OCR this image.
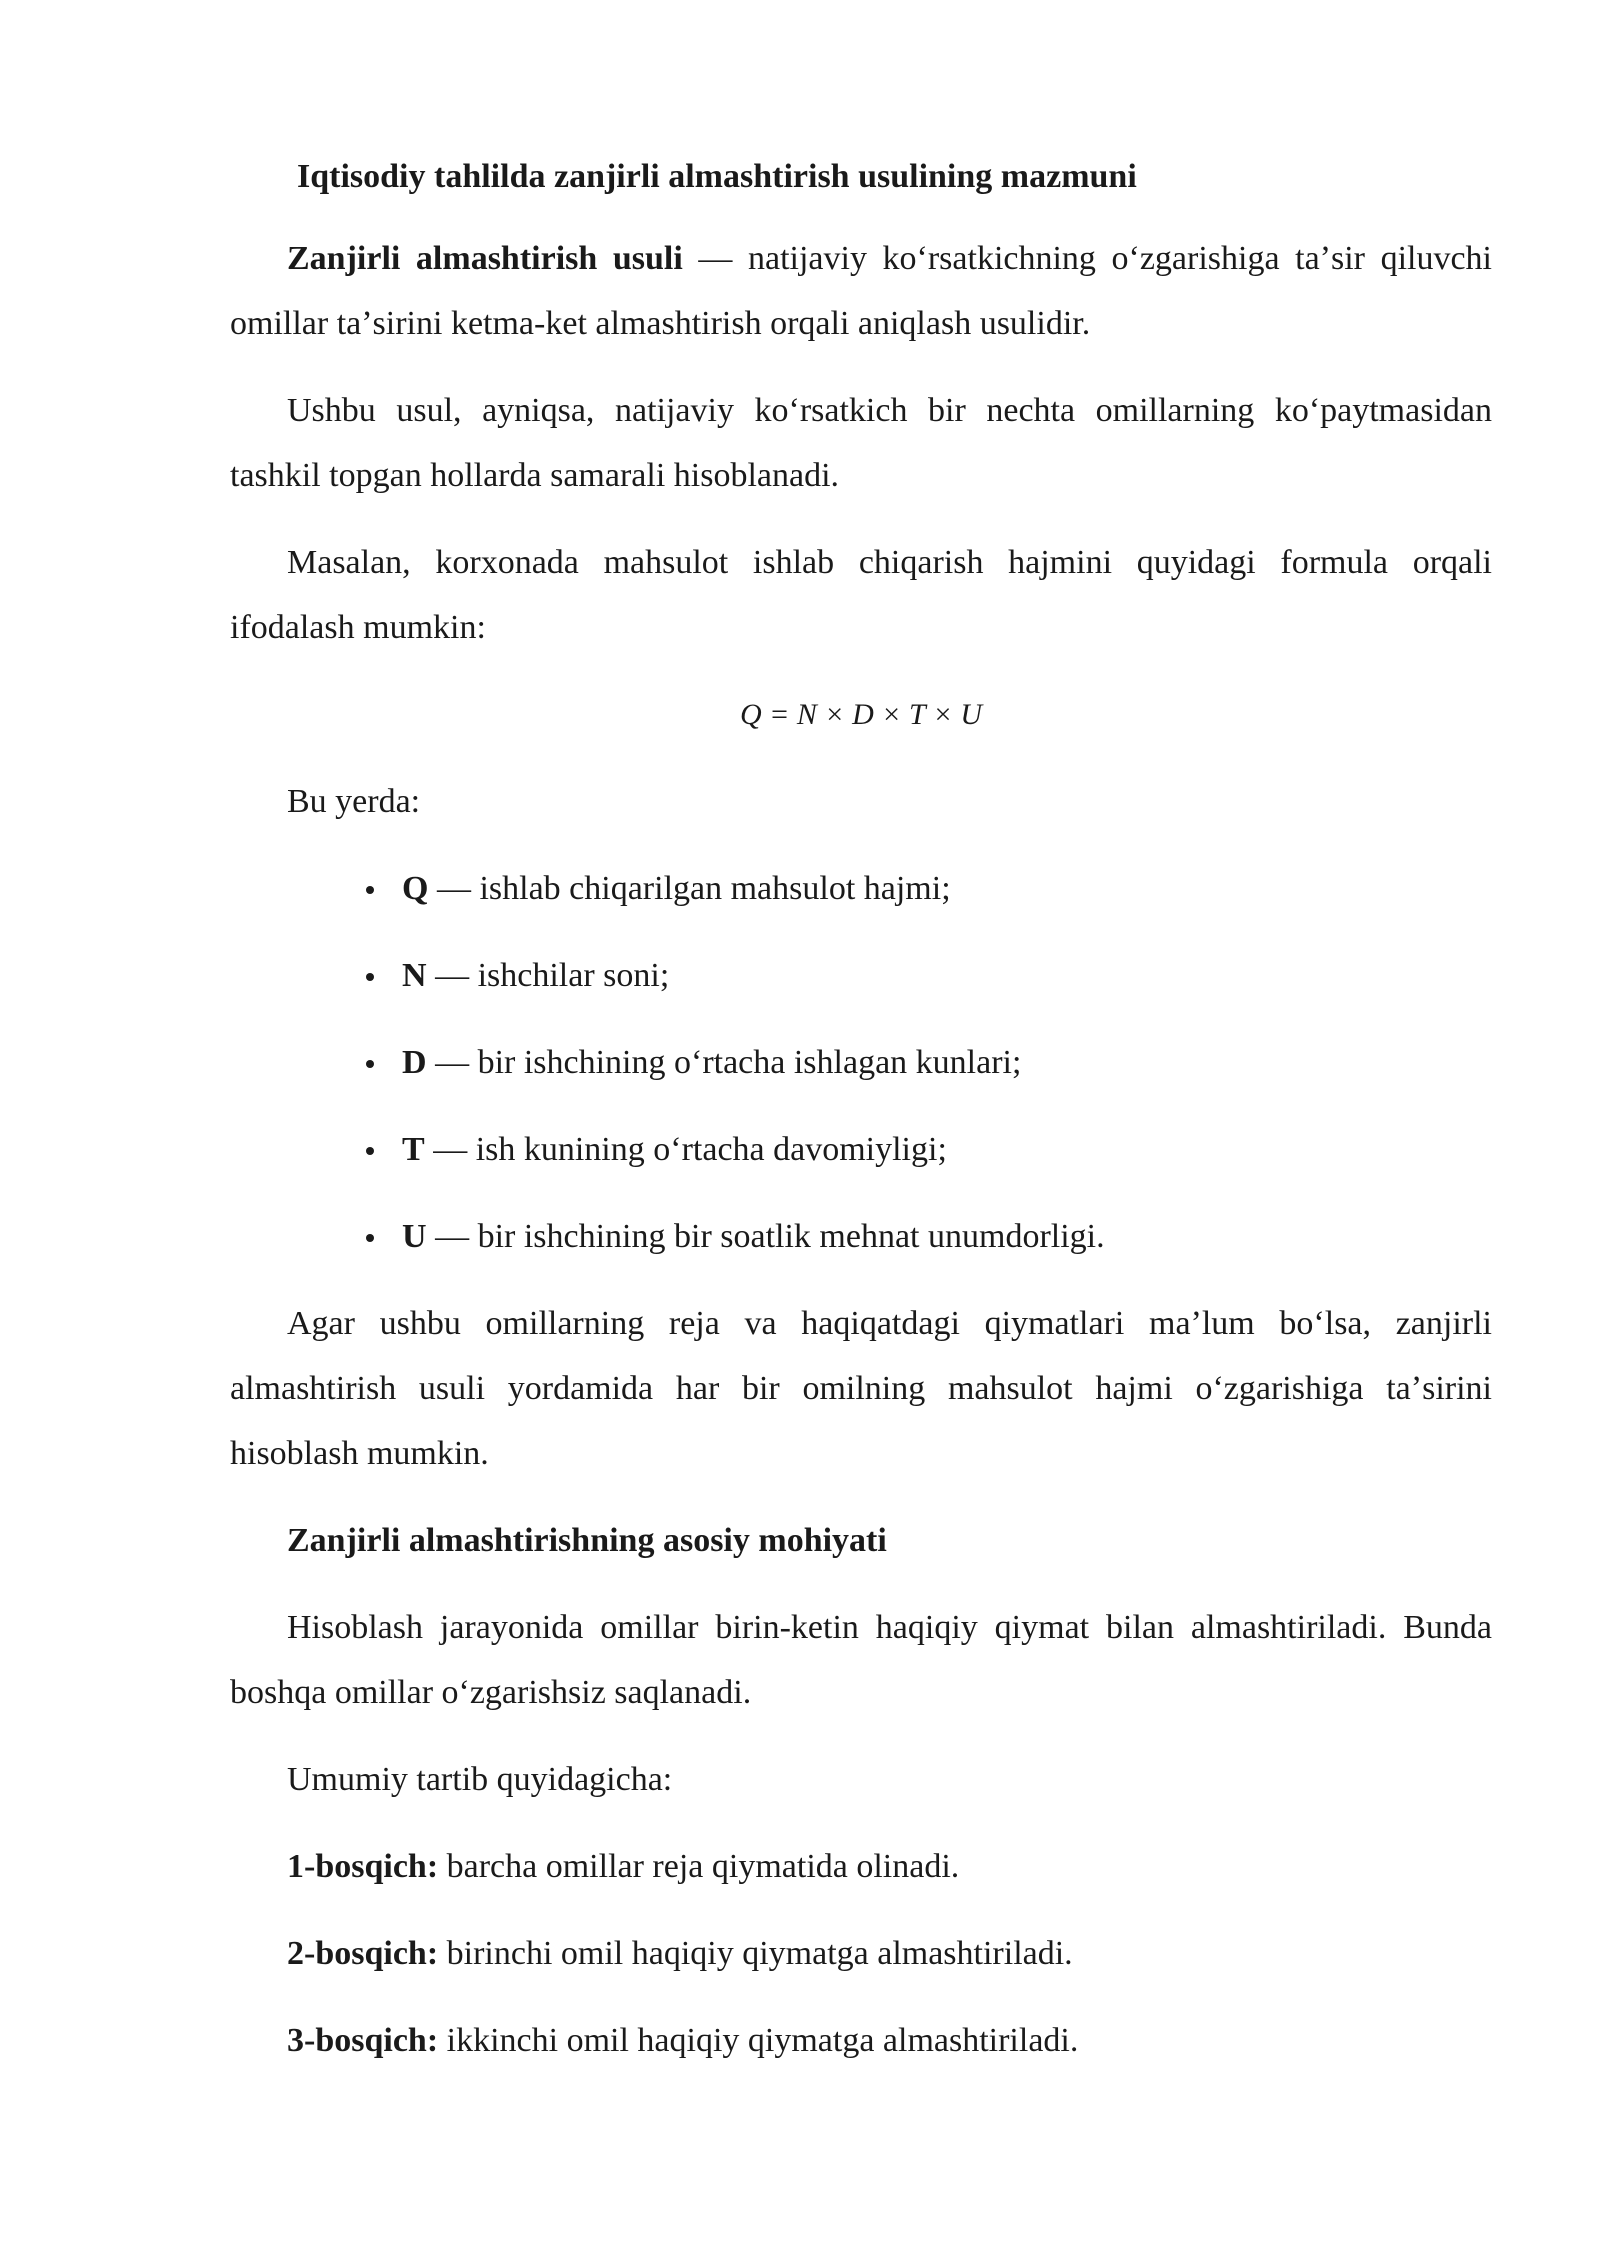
Iqtisodiy tahlilda zanjirli almashtirish usulining mazmuni

Zanjirli almashtirish usuli — natijaviy koʻrsatkichning oʻzgarishiga taʼsir qiluvchi omillar taʼsirini ketma-ket almashtirish orqali aniqlash usulidir.

Ushbu usul, ayniqsa, natijaviy koʻrsatkich bir nechta omillarning koʻpaytmasidan tashkil topgan hollarda samarali hisoblanadi.

Masalan, korxonada mahsulot ishlab chiqarish hajmini quyidagi formula orqali ifodalash mumkin:

Q = N × D × T × U

Bu yerda:

Q — ishlab chiqarilgan mahsulot hajmi;
N — ishchilar soni;
D — bir ishchining oʻrtacha ishlagan kunlari;
T — ish kunining oʻrtacha davomiyligi;
U — bir ishchining bir soatlik mehnat unumdorligi.

Agar ushbu omillarning reja va haqiqatdagi qiymatlari maʼlum boʻlsa, zanjirli almashtirish usuli yordamida har bir omilning mahsulot hajmi oʻzgarishiga taʼsirini hisoblash mumkin.

Zanjirli almashtirishning asosiy mohiyati

Hisoblash jarayonida omillar birin-ketin haqiqiy qiymat bilan almashtiriladi. Bunda boshqa omillar oʻzgarishsiz saqlanadi.

Umumiy tartib quyidagicha:

1-bosqich: barcha omillar reja qiymatida olinadi.

2-bosqich: birinchi omil haqiqiy qiymatga almashtiriladi.

3-bosqich: ikkinchi omil haqiqiy qiymatga almashtiriladi.
